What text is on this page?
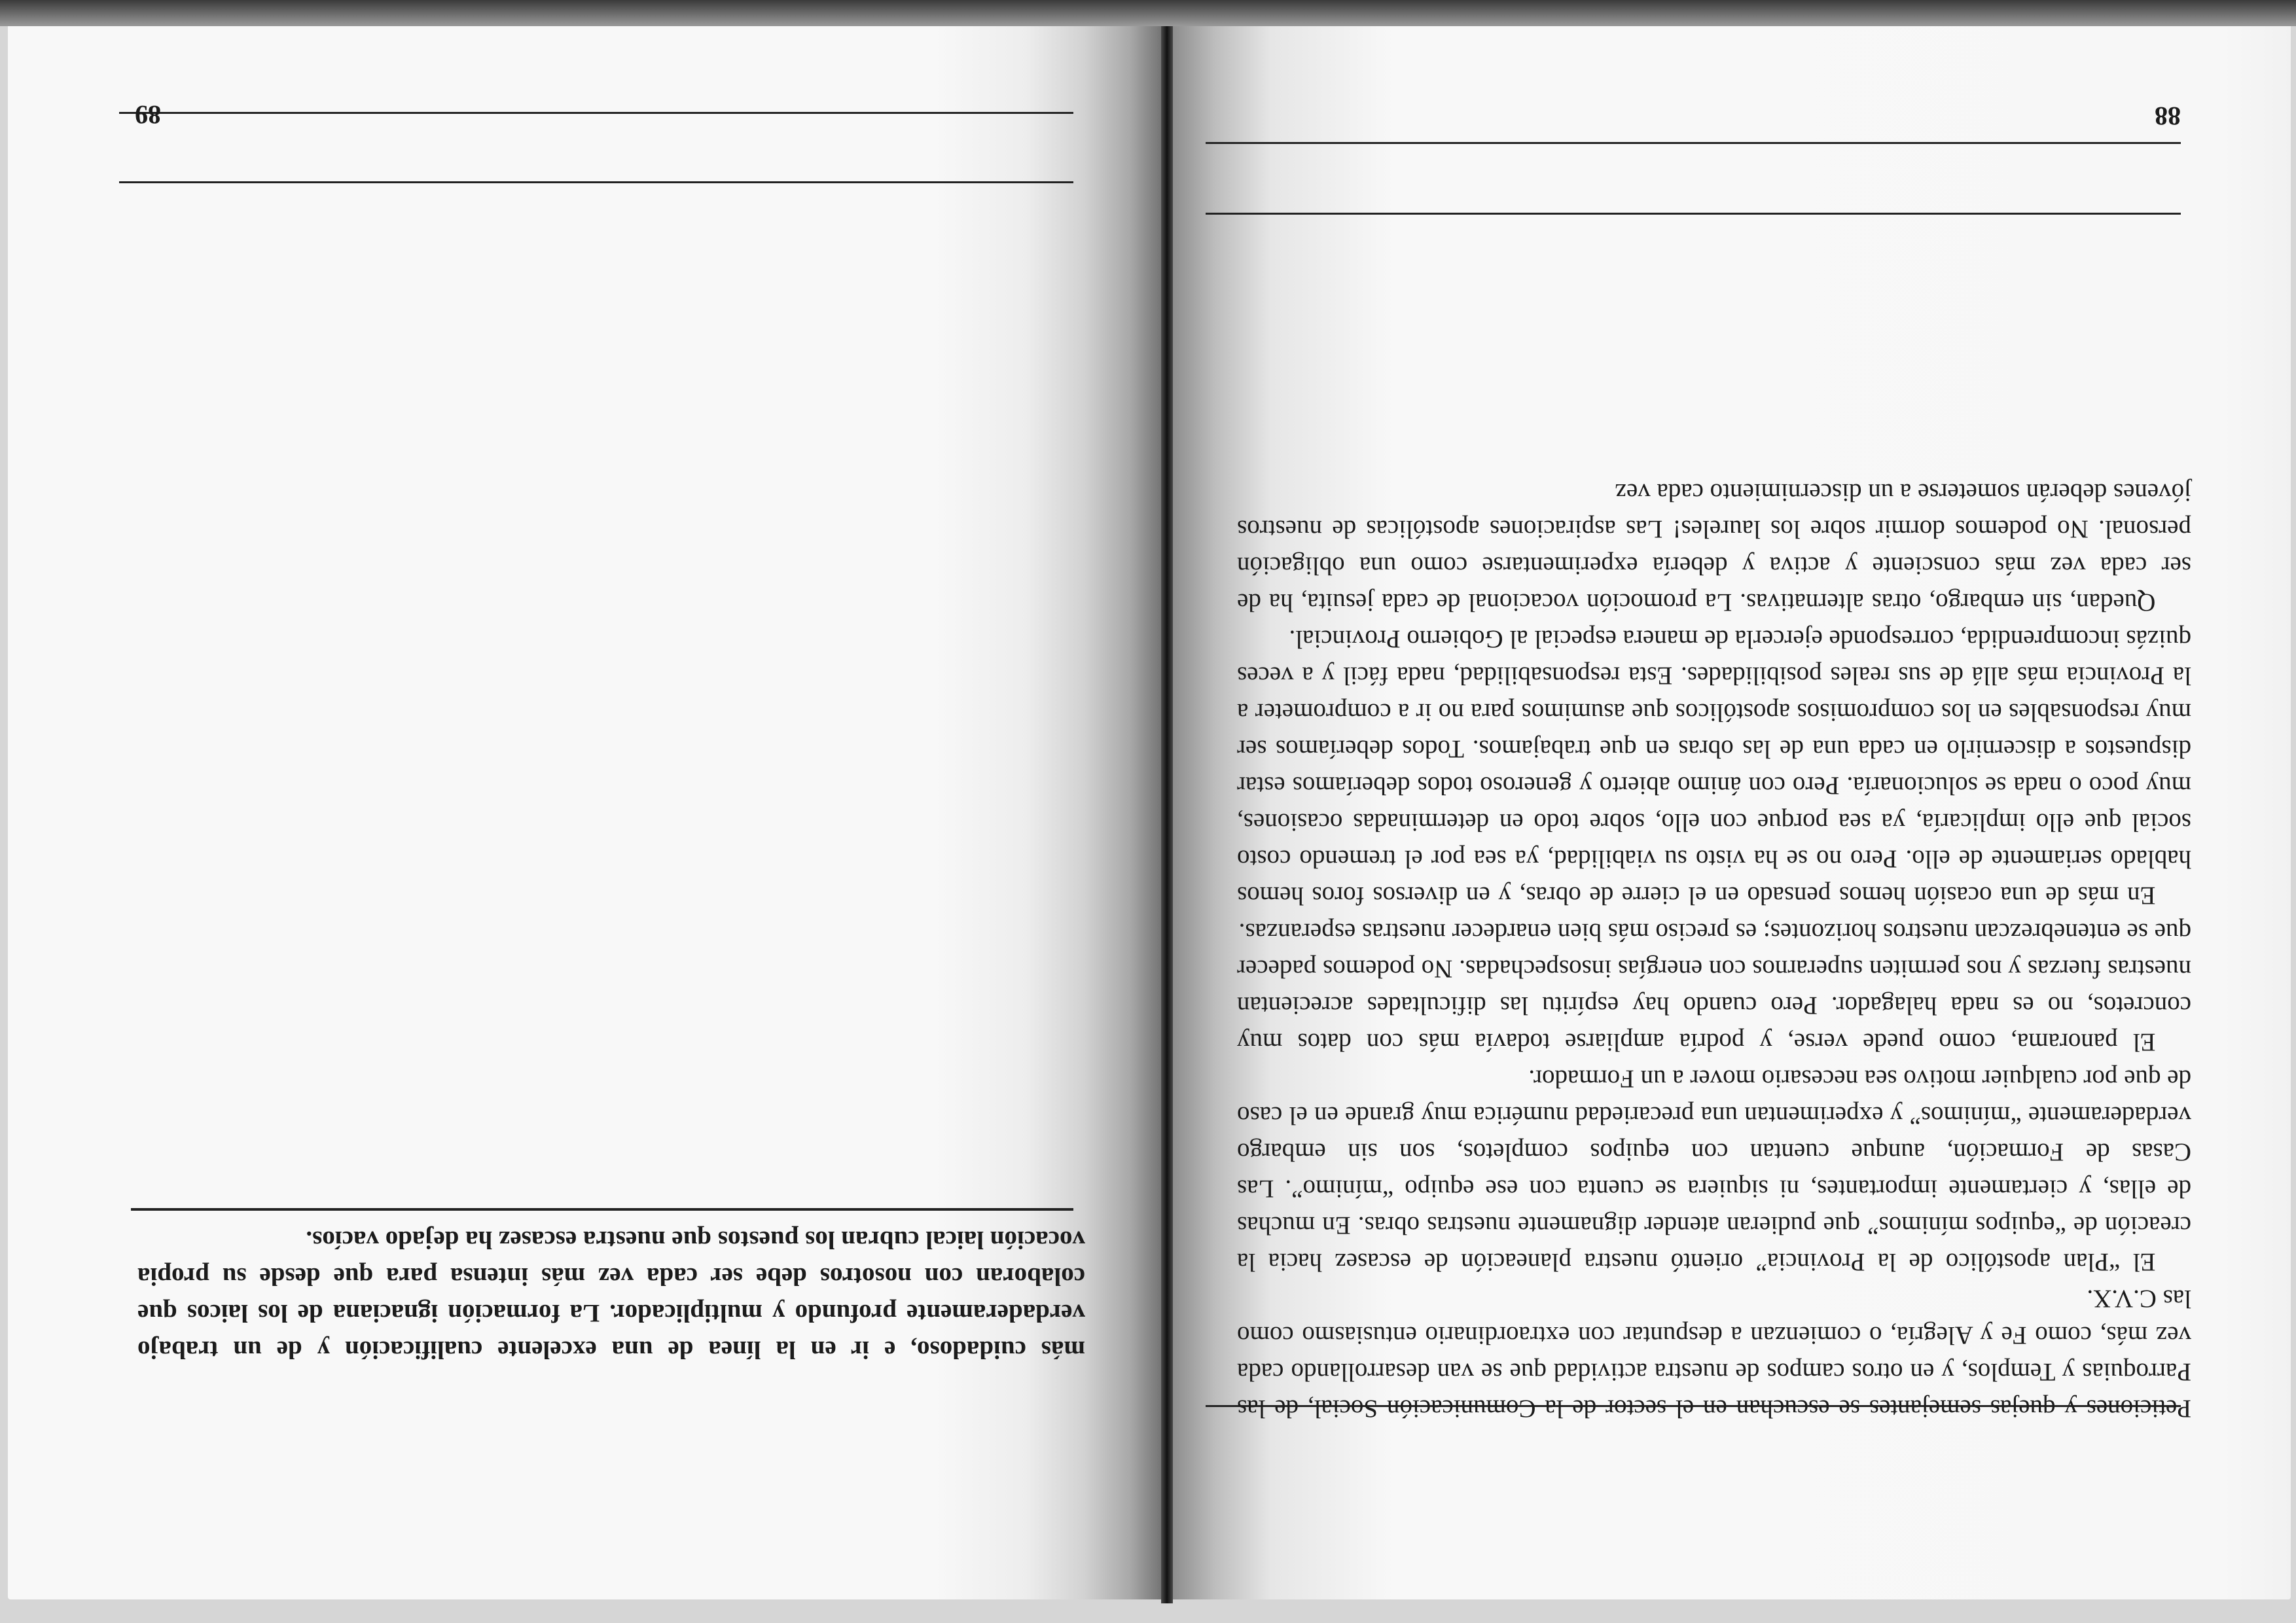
88

Peticiones y quejas semejantes se escuchan en el sector de la Comunicación Social, de las Parroquias y Templos, y en otros campos de nuestra actividad que se van desarrollando cada vez más, como Fe y Alegría, o comienzan a despuntar con extraordinario entusiasmo como las C.V.X.

El “Plan apostólico de la Provincia” orientó nuestra planeación de escasez hacia la creación de “equipos mínimos” que pudieran atender dignamente nuestras obras. En muchas de ellas, y ciertamente importantes, ni siquiera se cuenta con ese equipo “mínimo”. Las Casas de Formación, aunque cuentan con equipos completos, son sin embargo verdaderamente “mínimos” y experimentan una precariedad numérica muy grande en el caso de que por cualquier motivo sea necesario mover a un Formador.

El panorama, como puede verse, y podría ampliarse todavía más con datos muy concretos, no es nada halagador. Pero cuando hay espíritu las dificultades acrecientan nuestras fuerzas y nos permiten superarnos con energías insospechadas. No podemos padecer que se entenebrezcan nuestros horizontes; es preciso más bien enardecer nuestras esperanzas.

En más de una ocasión hemos pensado en el cierre de obras, y en diversos foros hemos hablado seriamente de ello. Pero no se ha visto su viabilidad, ya sea por el tremendo costo social que ello implicaría, ya sea porque con ello, sobre todo en determinadas ocasiones, muy poco o nada se solucionaría. Pero con ánimo abierto y generoso todos deberíamos estar dispuestos a discernirlo en cada una de las obras en que trabajamos. Todos deberíamos ser muy responsables en los compromisos apostólicos que asumimos para no ir a comprometer a la Provincia más allá de sus reales posibilidades. Esta responsabilidad, nada fácil y a veces quizás incomprendida, corresponde ejercerla de manera especial al Gobierno Provincial.

Quedan, sin embargo, otras alternativas. La promoción vocacional de cada jesuita, ha de ser cada vez más consciente y activa y debería experimentarse como una obligación personal. No podemos dormir sobre los laureles! Las aspiraciones apostólicas de nuestros jóvenes deberán someterse a un discernimiento cada vez

89

más cuidadoso, e ir en la línea de una excelente cualificación y de un trabajo verdaderamente profundo y multiplicador. La formación ignaciana de los laicos que colaboran con nosotros debe ser cada vez más intensa para que desde su propia vocación laical cubran los puestos que nuestra escasez ha dejado vacíos.
